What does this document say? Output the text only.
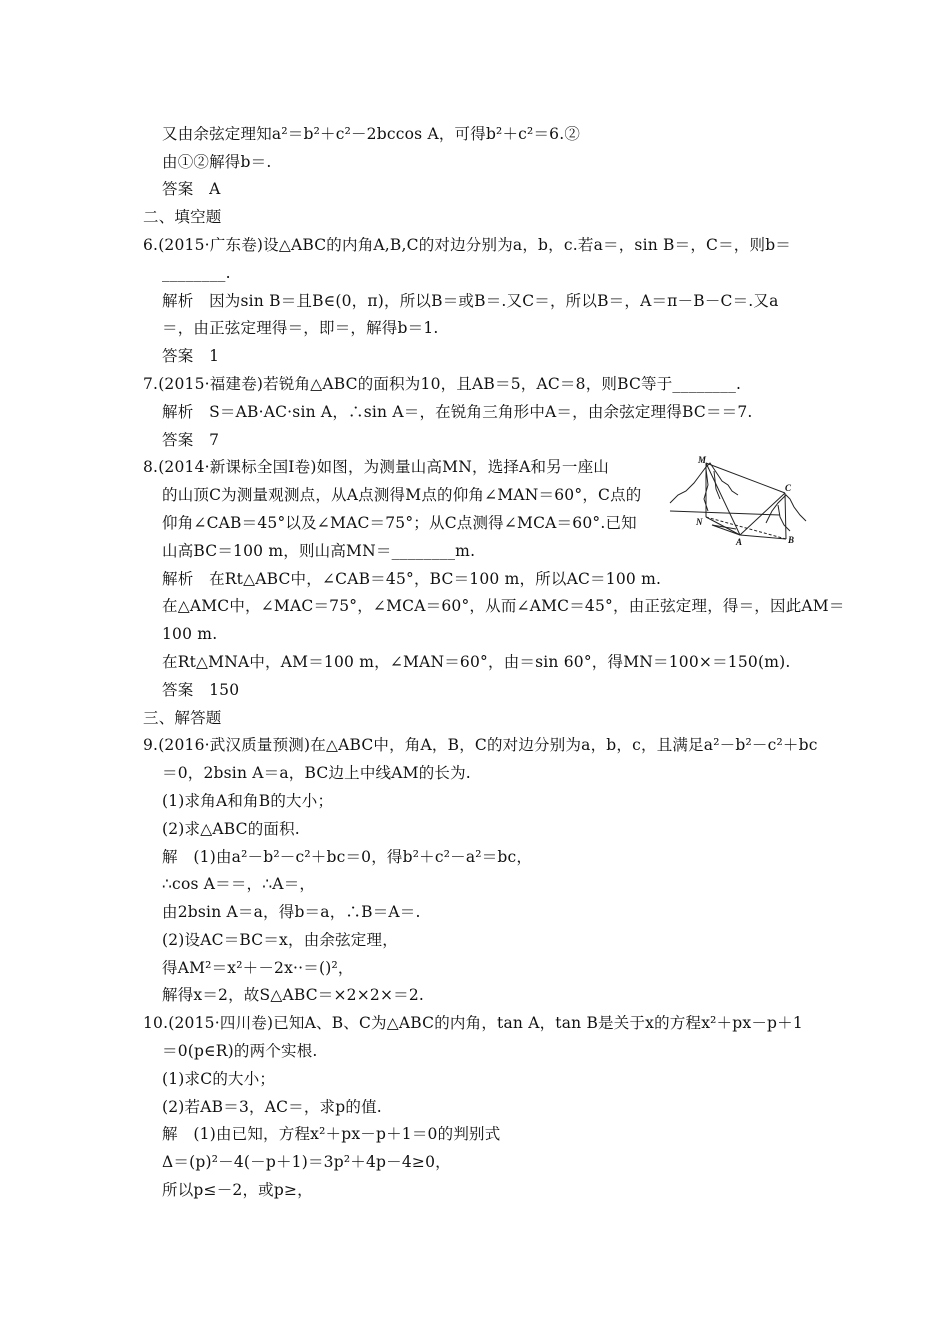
又由余弦定理知a²＝b²＋c²－2bccos A，可得b²＋c²＝6.②
由①②解得b＝.
答案　A
二、填空题
6.(2015·广东卷)设△ABC的内角A,B,C的对边分别为a，b，c.若a＝，sin B＝，C＝，则b＝
________.
解析　因为sin B＝且B∈(0，π)，所以B＝或B＝.又C＝，所以B＝，A＝π－B－C＝.又a
＝，由正弦定理得＝，即＝，解得b＝1.
答案　1
7.(2015·福建卷)若锐角△ABC的面积为10，且AB＝5，AC＝8，则BC等于________.
解析　S＝AB·AC·sin A，∴sin A＝，在锐角三角形中A＝，由余弦定理得BC＝＝7.
答案　7
8.(2014·新课标全国Ⅰ卷)如图，为测量山高MN，选择A和另一座山
的山顶C为测量观测点，从A点测得M点的仰角∠MAN＝60°，C点的
仰角∠CAB＝45°以及∠MAC＝75°；从C点测得∠MCA＝60°.已知
山高BC＝100 m，则山高MN＝________m.
解析　在Rt△ABC中，∠CAB＝45°，BC＝100 m，所以AC＝100 m.
在△AMC中，∠MAC＝75°，∠MCA＝60°，从而∠AMC＝45°，由正弦定理，得＝，因此AM＝
100 m.
在Rt△MNA中，AM＝100 m，∠MAN＝60°，由＝sin 60°，得MN＝100×＝150(m).
答案　150
三、解答题
9.(2016·武汉质量预测)在△ABC中，角A，B，C的对边分别为a，b，c，且满足a²－b²－c²＋bc
＝0，2bsin A＝a，BC边上中线AM的长为.
(1)求角A和角B的大小；
(2)求△ABC的面积.
解　(1)由a²－b²－c²＋bc＝0，得b²＋c²－a²＝bc，
∴cos A＝＝，∴A＝，
由2bsin A＝a，得b＝a，∴B＝A＝.
(2)设AC＝BC＝x，由余弦定理，
得AM²＝x²＋－2x··＝()²，
解得x＝2，故S△ABC＝×2×2×＝2.
10.(2015·四川卷)已知A、B、C为△ABC的内角，tan A，tan B是关于x的方程x²＋px－p＋1
＝0(p∈R)的两个实根.
(1)求C的大小；
(2)若AB＝3，AC＝，求p的值.
解　(1)由已知，方程x²＋px－p＋1＝0的判别式
Δ＝(p)²－4(－p＋1)＝3p²＋4p－4≥0，
所以p≤－2，或p≥，
M
N
A	B
C
